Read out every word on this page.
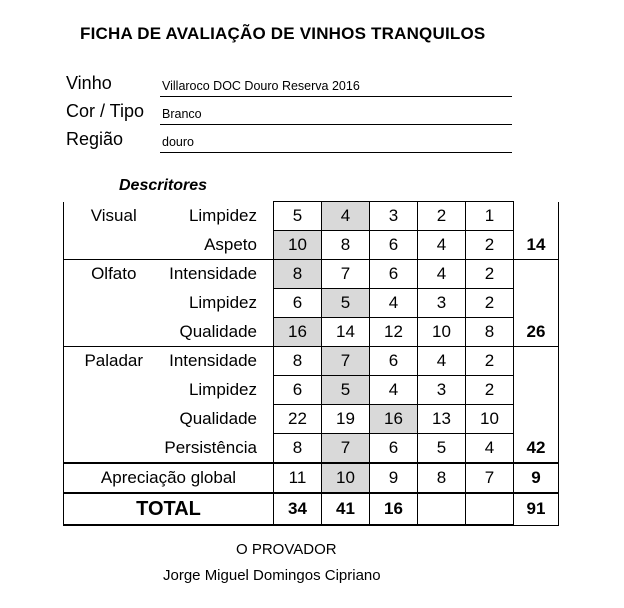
FICHA DE AVALIAÇÃO DE VINHOS TRANQUILOS
Vinho	Villaroco DOC Douro Reserva 2016
Cor / Tipo Branco
Região	douro
Descritores
Visual	Limpidez	5	4	3	2	1	
	Aspeto	10	8	6	4	2	14
Olfato	Intensidade	8	7	6	4	2	
	Limpidez	6	5	4	3	2	
	Qualidade	16	14	12	10	8	26
Paladar	Intensidade	8	7	6	4	2	
	Limpidez	6	5	4	3	2	
	Qualidade	22	19	16	13	10	
	Persistência	8	7	6	5	4	42
Apreciação global		11	10	9	8	7	9
TOTAL		34	41	16			91
O PROVADOR
Jorge Miguel Domingos Cipriano
